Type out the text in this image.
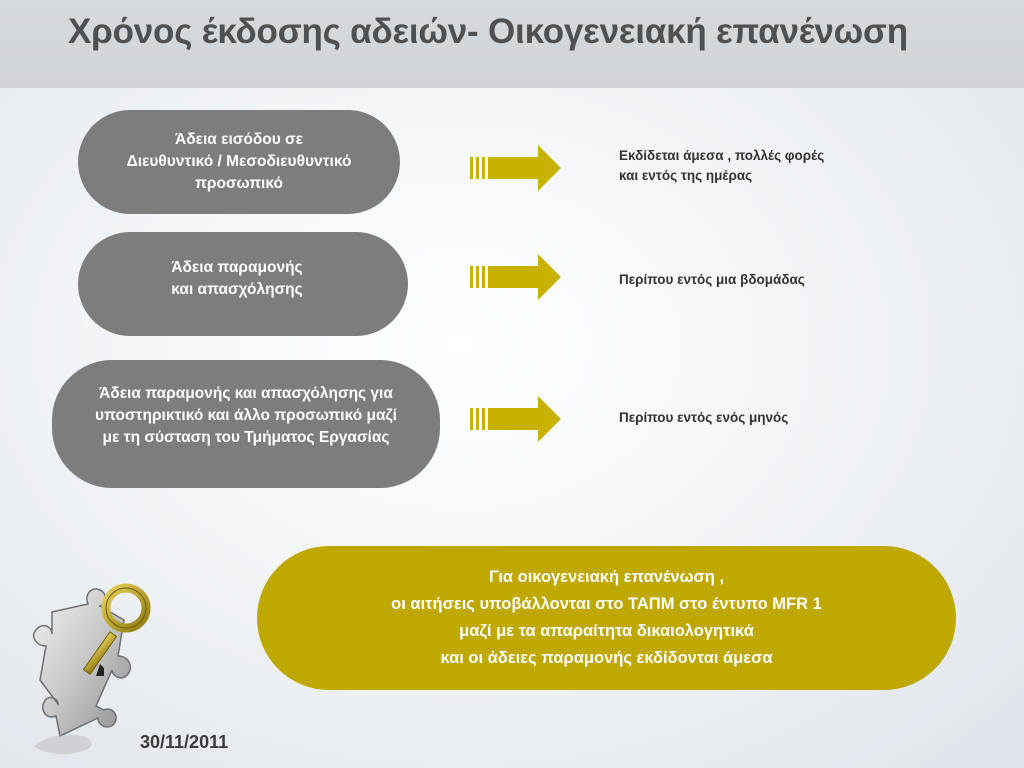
Χρόνος έκδοσης αδειών- Οικογενειακή επανένωση
Άδεια εισόδου σε
Διευθυντικό / Μεσοδιευθυντικό
προσωπικό
Εκδίδεται άμεσα , πολλές φορές
και εντός της ημέρας
Άδεια παραμονής
και απασχόλησης
Περίπου εντός μια βδομάδας
Άδεια παραμονής και απασχόλησης για
υποστηρικτικό και άλλο προσωπικό μαζί
με τη σύσταση του Τμήματος Εργασίας
Περίπου εντός ενός μηνός
Για οικογενειακή επανένωση ,
οι αιτήσεις υποβάλλονται στο ΤΑΠΜ στο έντυπο MFR 1
μαζί με τα απαραίτητα δικαιολογητικά
και οι άδειες παραμονής εκδίδονται άμεσα
30/11/2011
